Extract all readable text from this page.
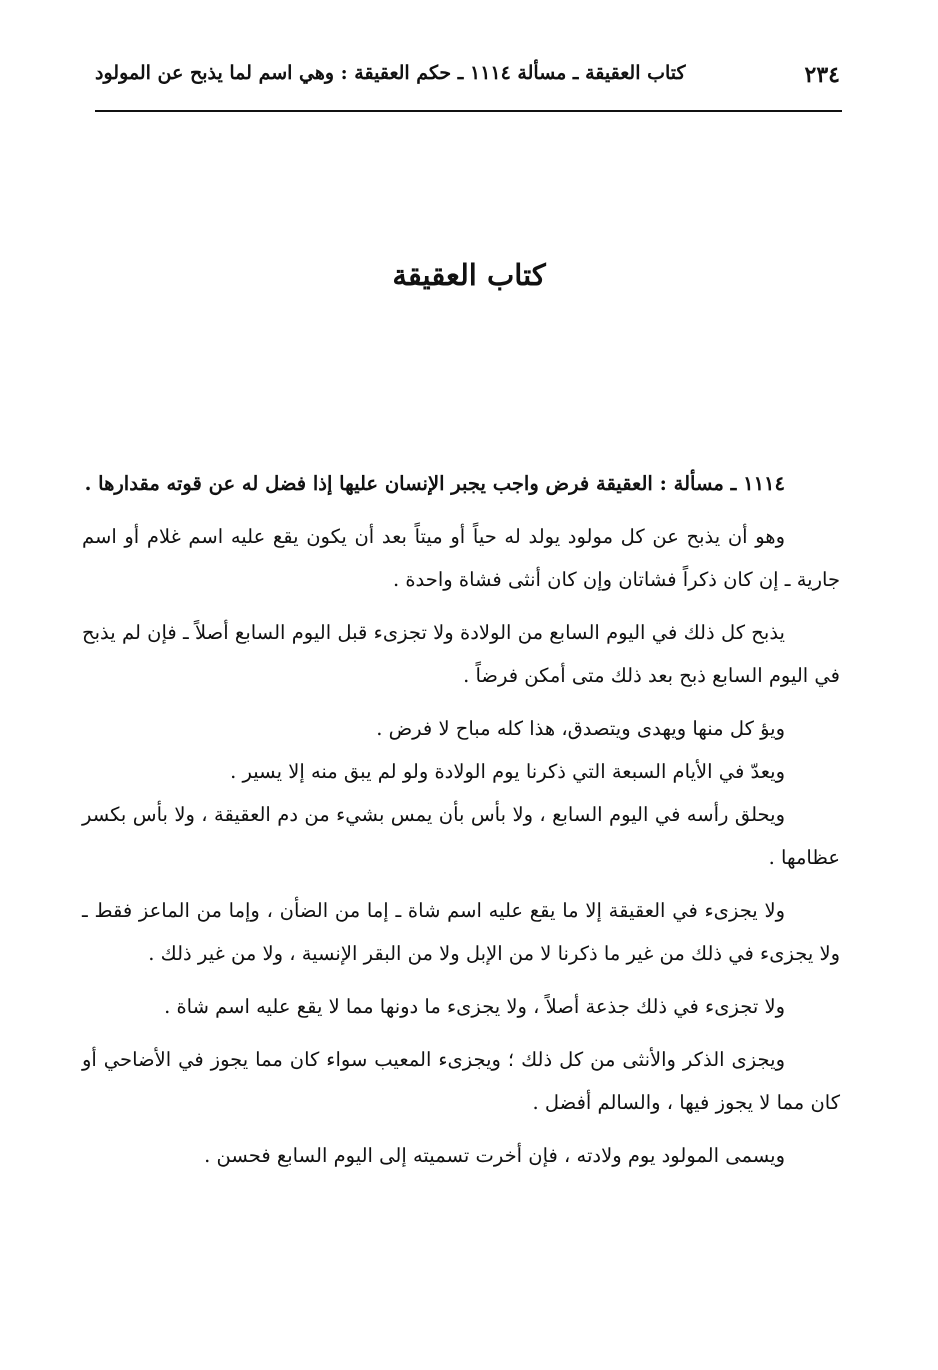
٢٣٤
كتاب العقيقة ـ مسألة ١١١٤ ـ حكم العقيقة : وهي اسم لما يذبح عن المولود
كتاب العقيقة

١١١٤ ـ مسألة : العقيقة فرض واجب يجبر الإنسان عليها إذا فضل له عن قوته مقدارها .

وهو أن يذبح عن كل مولود يولد له حياً أو ميتاً بعد أن يكون يقع عليه اسم غلام أو اسم جارية ـ إن كان ذكراً فشاتان وإن كان أنثى فشاة واحدة .

يذبح كل ذلك في اليوم السابع من الولادة ولا تجزىء قبل اليوم السابع أصلاً ـ فإن لم يذبح في اليوم السابع ذبح بعد ذلك متى أمكن فرضاً .

ويؤ كل منها ويهدى ويتصدق، هذا كله مباح لا فرض .

ويعدّ في الأيام السبعة التي ذكرنا يوم الولادة ولو لم يبق منه إلا يسير .

ويحلق رأسه في اليوم السابع ، ولا بأس بأن يمس بشيء من دم العقيقة ، ولا بأس بكسر عظامها .

ولا يجزىء في العقيقة إلا ما يقع عليه اسم شاة ـ إما من الضأن ، وإما من الماعز فقط ـ ولا يجزىء في ذلك من غير ما ذكرنا لا من الإبل ولا من البقر الإنسية ، ولا من غير ذلك .

ولا تجزىء في ذلك جذعة أصلاً ، ولا يجزىء ما دونها مما لا يقع عليه اسم شاة .

ويجزى الذكر والأنثى من كل ذلك ؛ ويجزىء المعيب سواء كان مما يجوز في الأضاحي أو كان مما لا يجوز فيها ، والسالم أفضل .

ويسمى المولود يوم ولادته ، فإن أخرت تسميته إلى اليوم السابع فحسن .
